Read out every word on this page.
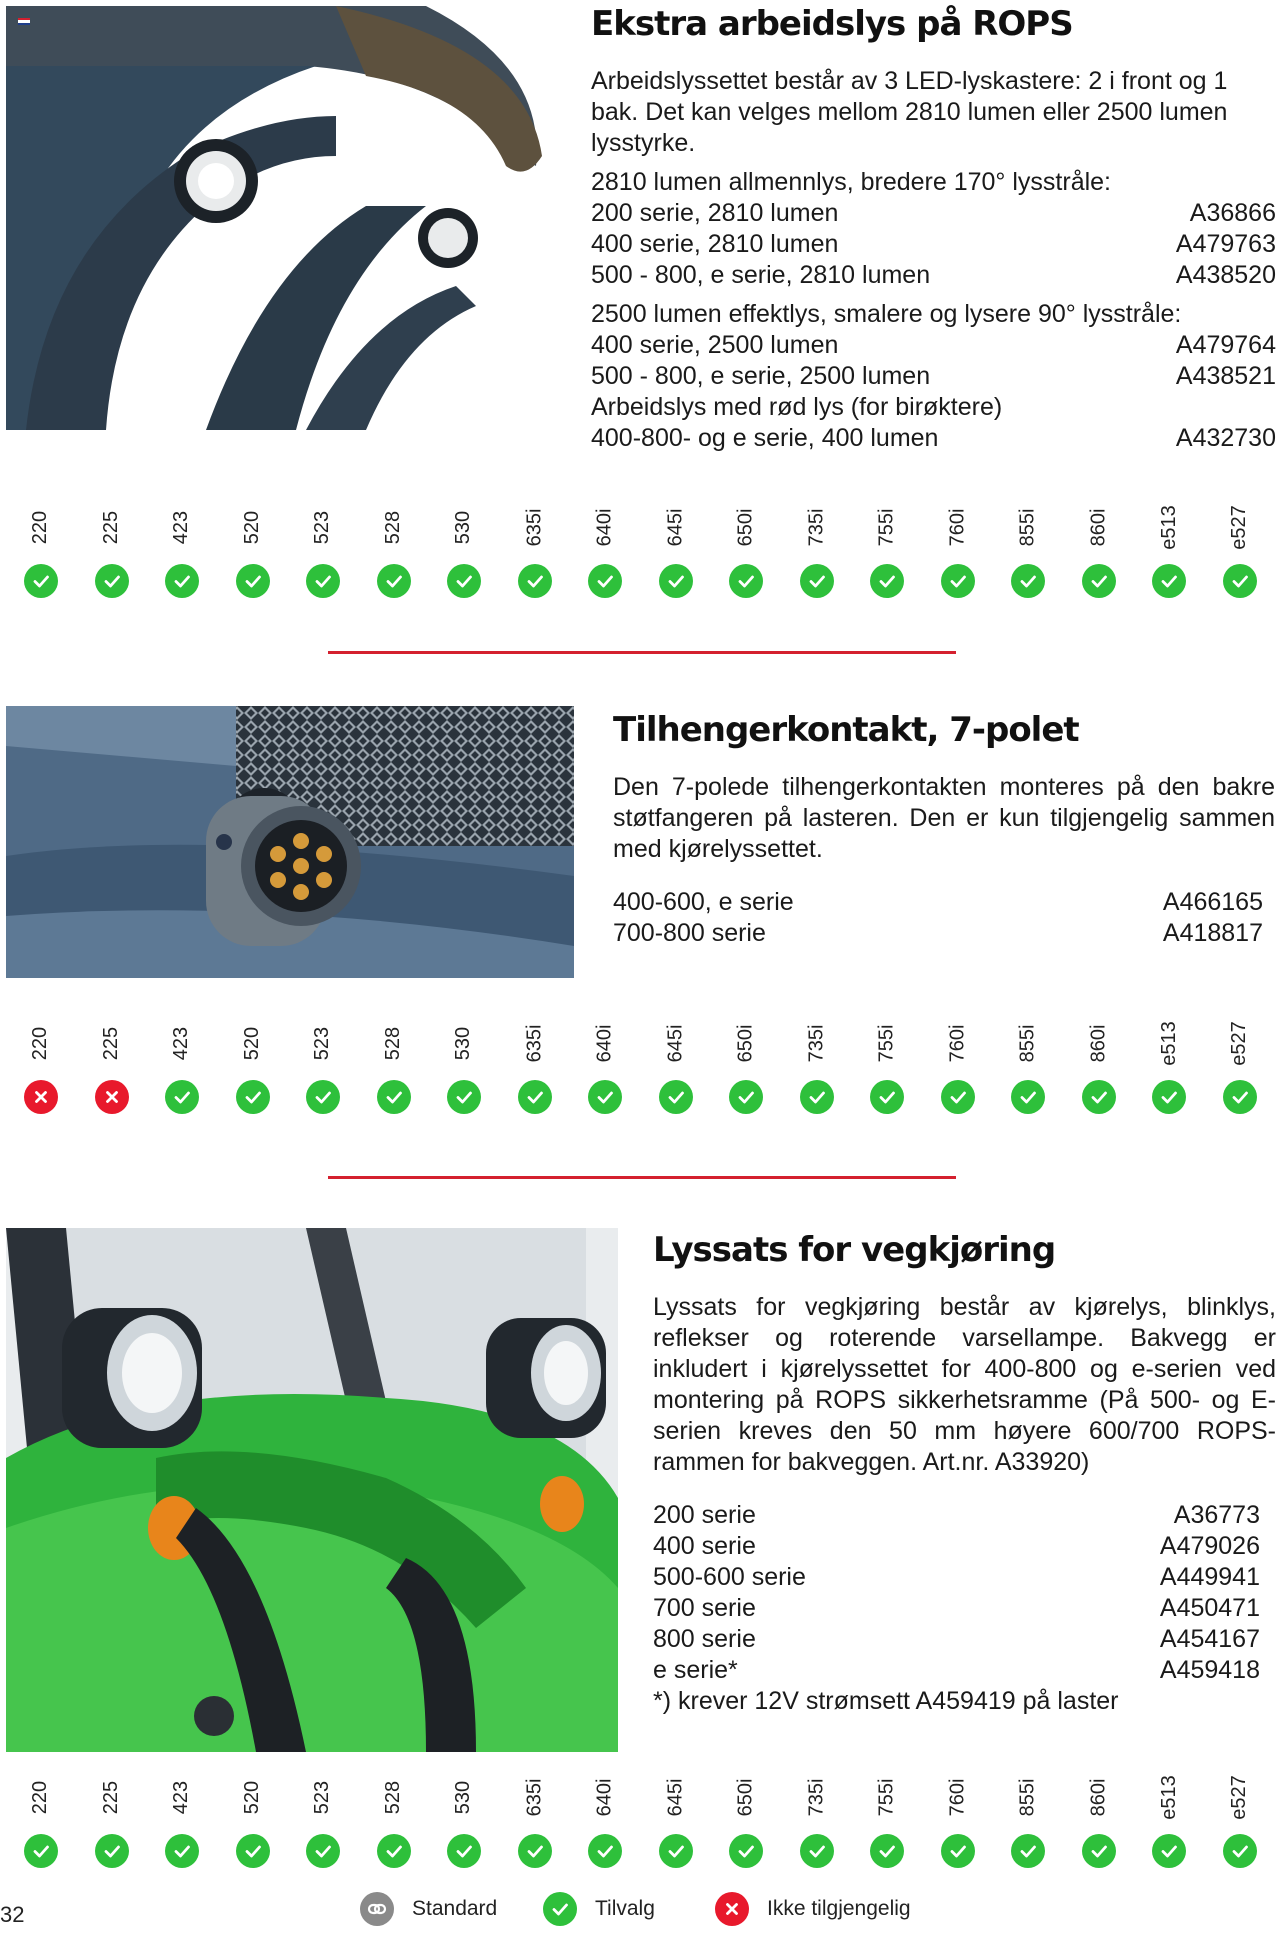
Ekstra arbeidslys på ROPS

Arbeidslyssettet består av 3 LED-lyskastere: 2 i front og 1 bak. Det kan velges mellom 2810 lumen eller 2500 lumen lysstyrke.

2810 lumen allmennlys, bredere 170° lysstråle:
200 serie, 2810 lumen	A36866
400 serie, 2810 lumen	A479763
500 - 800, e serie, 2810 lumen	A438520
2500 lumen effektlys, smalere og lysere 90° lysstråle:
400 serie, 2500 lumen	A479764
500 - 800, e serie, 2500 lumen	A438521
Arbeidslys med rød lys (for birøktere)
400-800- og e serie, 400 lumen	A432730
220 225 423 520 523 528 530 635i 640i 645i 650i 735i 755i 760i 855i 860i e513 e527
Tilhengerkontakt, 7-polet

Den 7-polede tilhengerkontakten monteres på den bakre støtfangeren på lasteren. Den er kun tilgjengelig sammen med kjørelyssettet.

400-600, e serie	A466165
700-800 serie	A418817
220 225 423 520 523 528 530 635i 640i 645i 650i 735i 755i 760i 855i 860i e513 e527
Lyssats for vegkjøring

Lyssats for vegkjøring består av kjørelys, blinklys, reflekser og roterende varsellampe. Bakvegg er inkludert i kjørelyssettet for 400-800 og e-serien ved montering på ROPS sikkerhetsramme (På 500- og E-serien kreves den 50 mm høyere 600/700 ROPS-rammen for bakveggen. Art.nr. A33920)

200 serie	A36773
400 serie	A479026
500-600 serie	A449941
700 serie	A450471
800 serie	A454167
e serie*	A459418
*) krever 12V strømsett A459419 på laster
220 225 423 520 523 528 530 635i 640i 645i 650i 735i 755i 760i 855i 860i e513 e527
32	Standard	Tilvalg	Ikke tilgjengelig
